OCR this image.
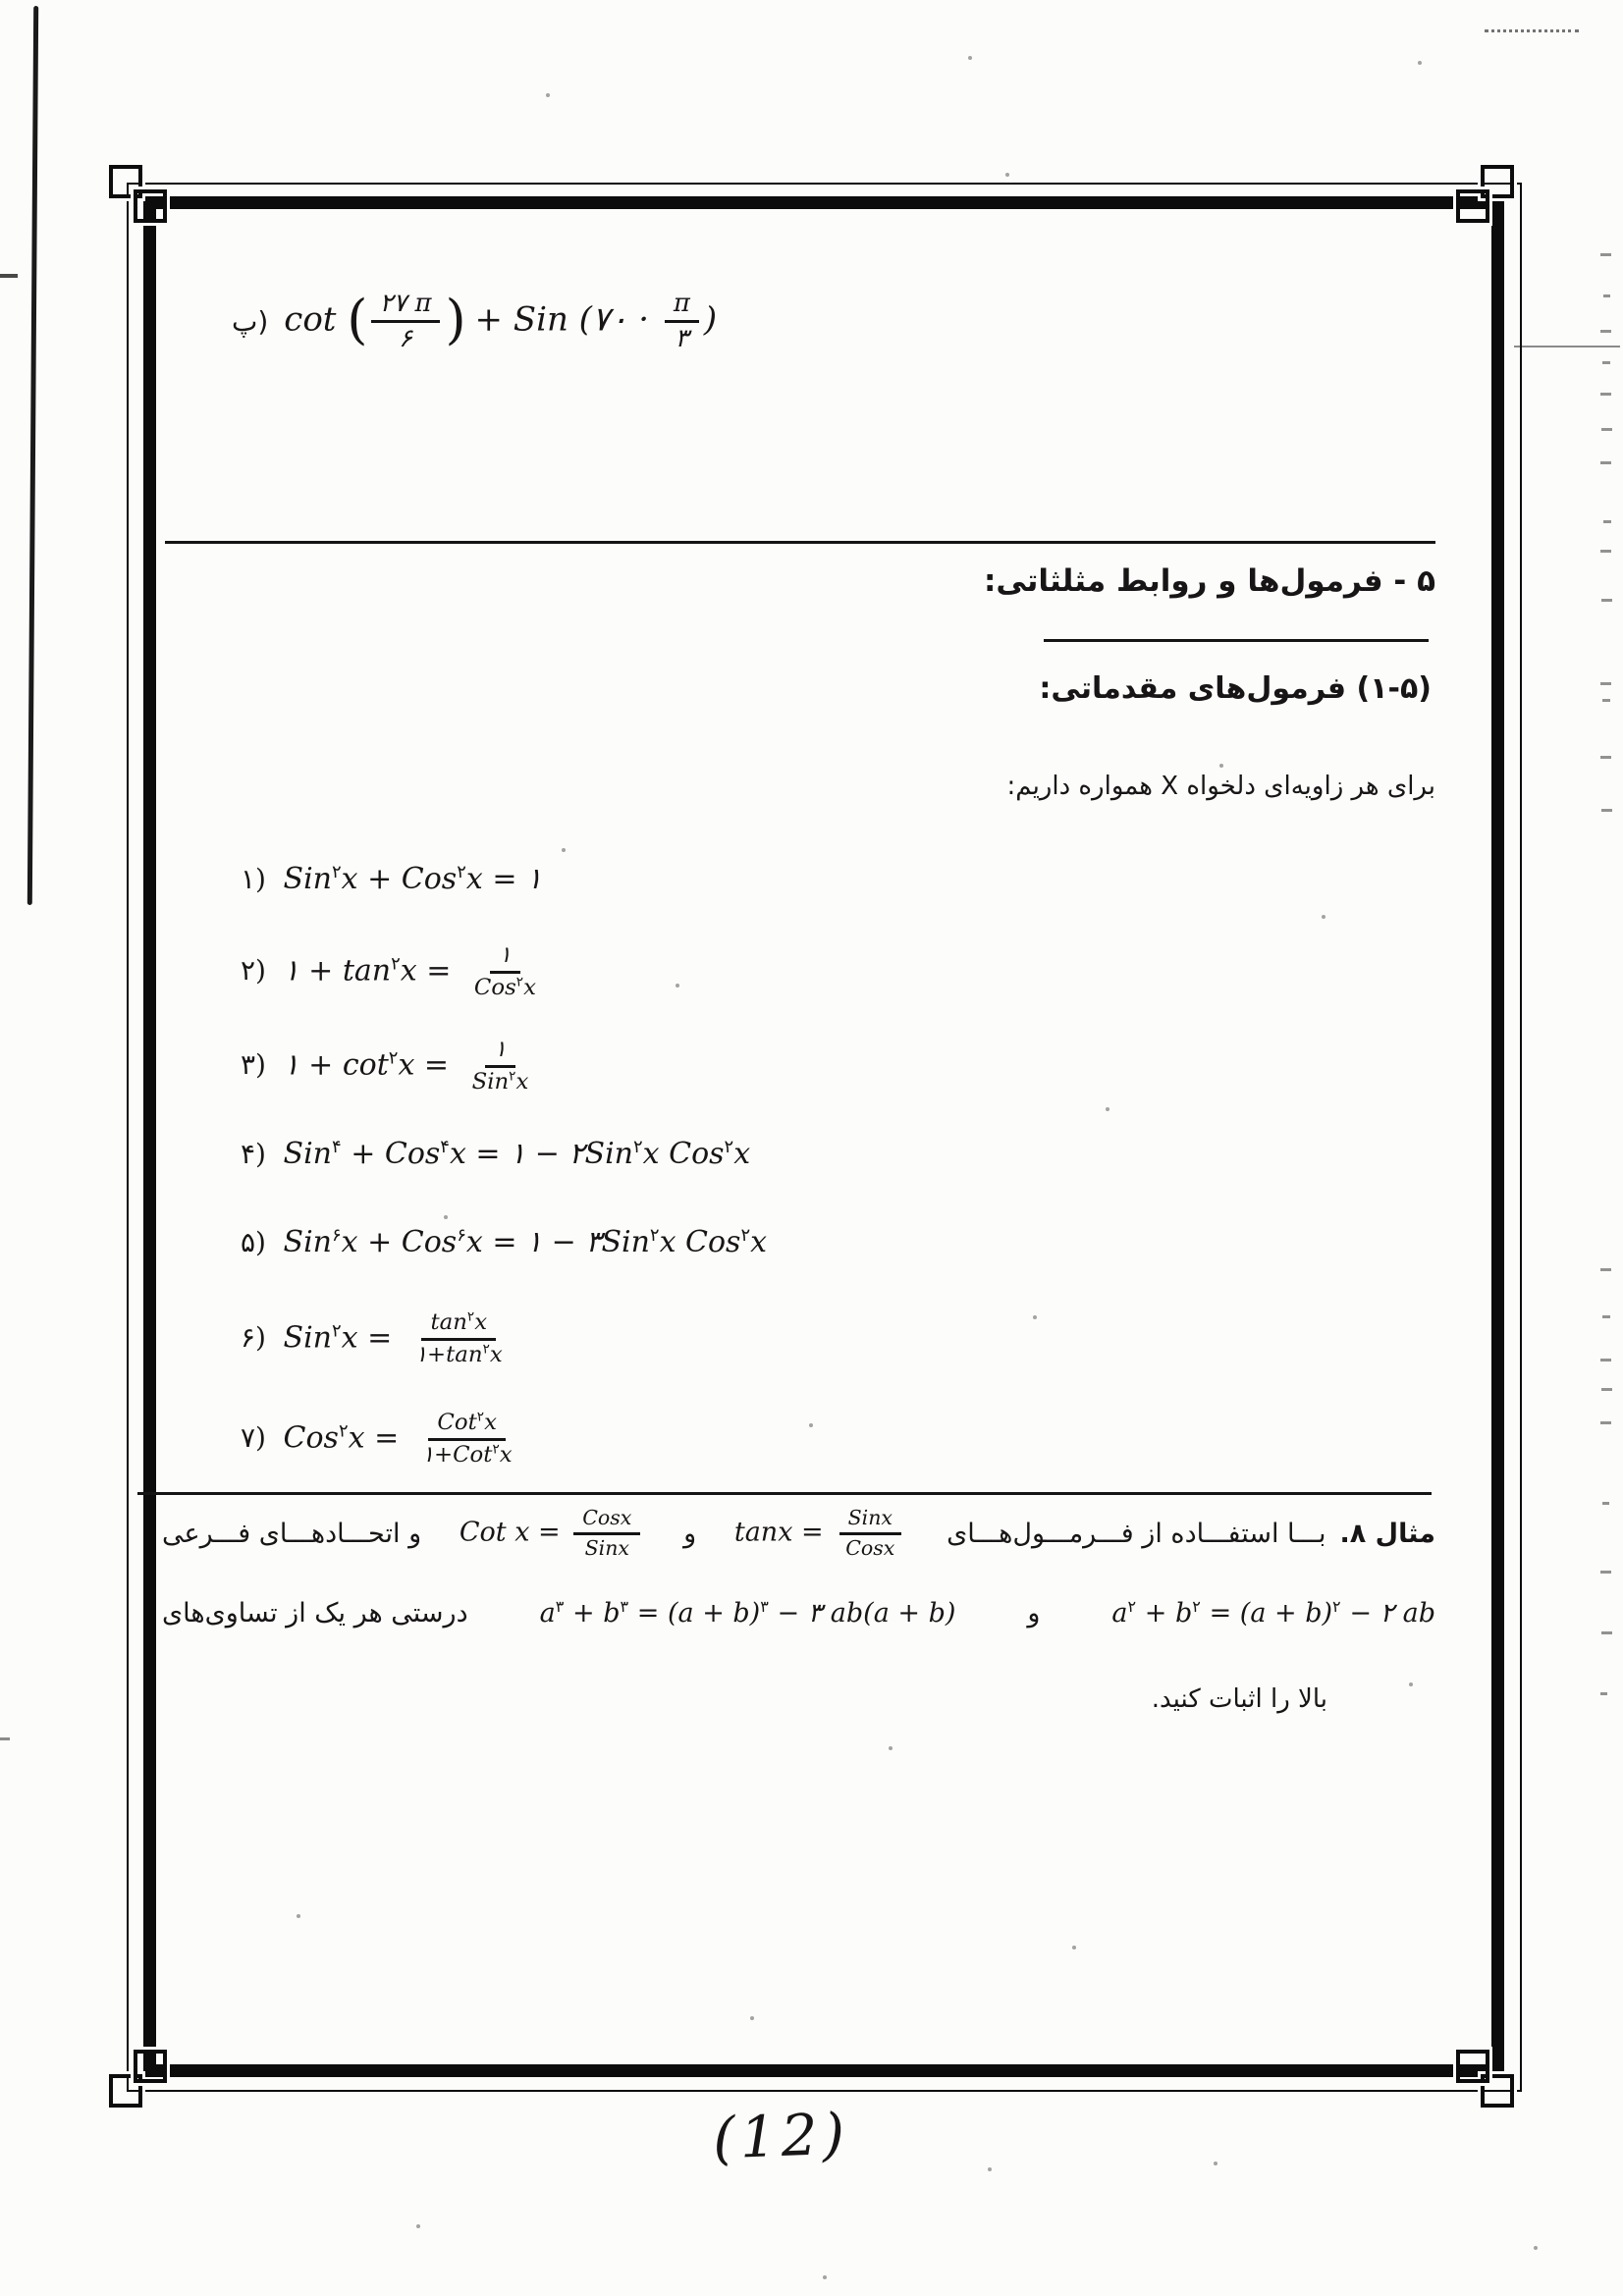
پ) cot ( ۲۷ π
۶ ) + Sin (۷۰ · π
۳ )
۵ - فرمول‌ها و روابط مثلثاتی:
(۱-۵) فرمول‌های مقدماتی:
برای هر زاویه‌ای دلخواه X همواره داریم:
۱) Sin$^۲$x + Cos$^۲$x = ۱
۲) ۱ + $\tan^۲x$ =	۱
Cos$^۲$x
۳) ۱ + $\cot^۲x$ =	۱
Sin$^۲$x
۴) Sin$^۴$ + Cos$^۴$x = ۱ − ۲Sin$^۲$x Cos$^۲$x
۵) Sin$^۶$x + Cos$^۶$x = ۱ − ۳Sin$^۲$x Cos$^۲$x
۶) $Sin^۲x = \frac{\tan^۲x}{۱+\tan^۲x}$
۷) Cos$^۲$x =	Cot$^۲$x
۱+Cot$^۲$x
مثال ۸.
بـــا استفـــاده از فـــرمـــول‌هـــای
tanx = Sinx
Cosx
و
Cot x = Cosx
Sinx
و اتحـــادهـــای فـــرعی
$a^۲ + b^۲ = (a + b)^۲$ − ۲ ab
و
$a^۳ + b^۳ = (a + b)^۳$ − ۳ ab(a + b)
درستی هر یک از تساوی‌های
بالا را اثبات کنید.
(12)
